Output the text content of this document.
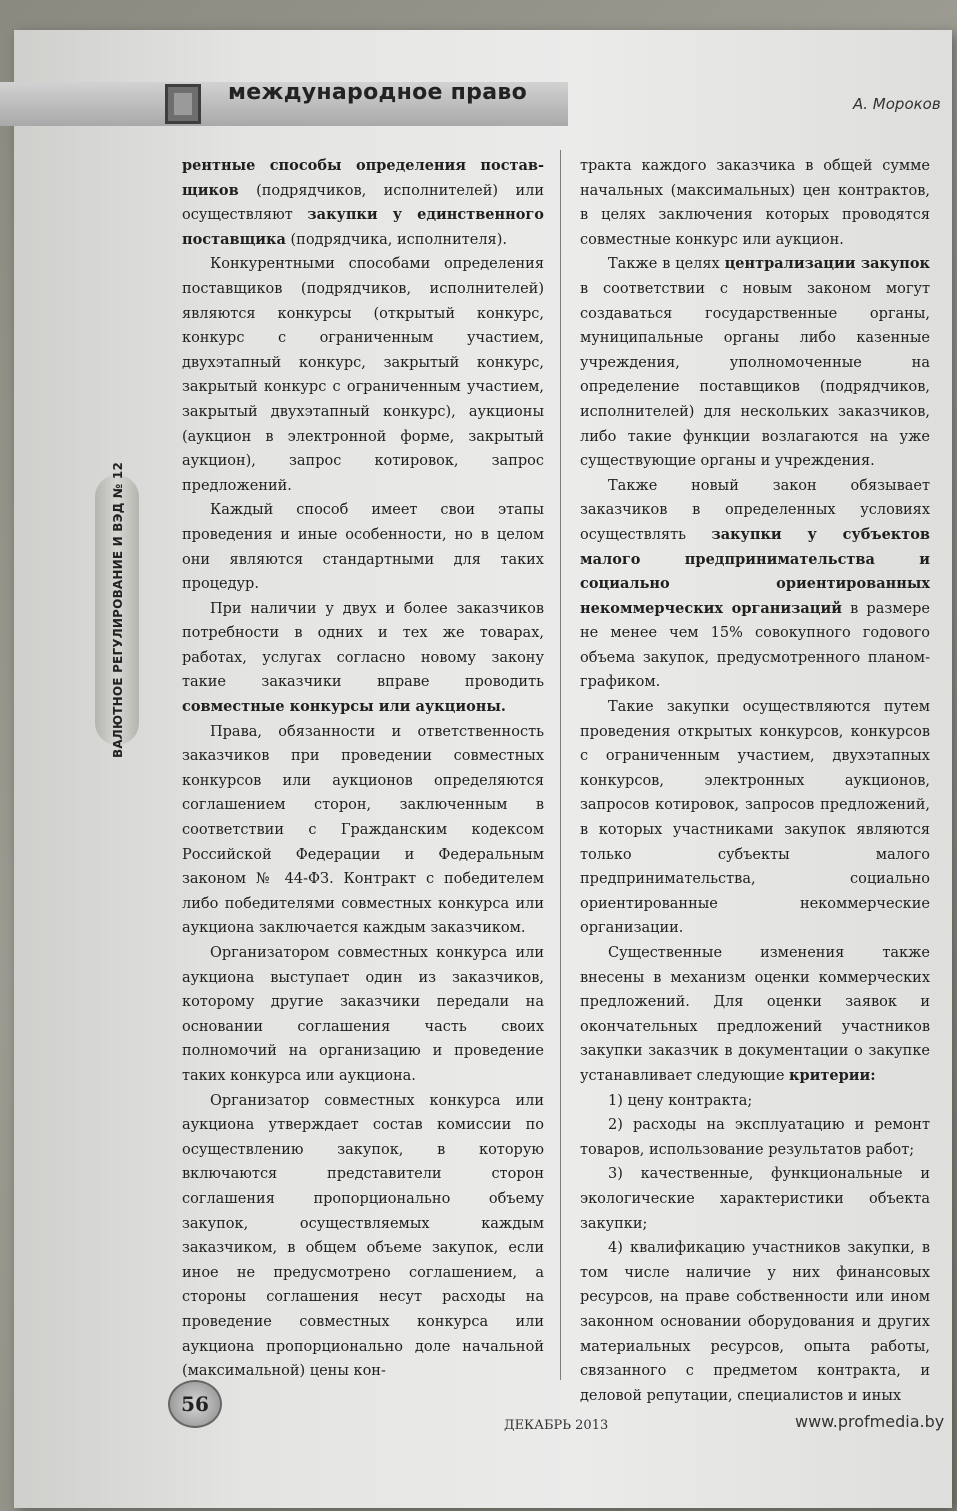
международное право	А. Мороков
ВАЛЮТНОЕ РЕГУЛИРОВАНИЕ И ВЭД № 12

рентные способы определения постав-щиков (подрядчиков, исполнителей) или осуществляют закупки у единственного поставщика (подрядчика, исполнителя).

Конкурентными способами определения поставщиков (подрядчиков, исполнителей) являются конкурсы (открытый конкурс, конкурс с ограниченным участием, двухэтапный конкурс, закрытый конкурс, закрытый конкурс с ограниченным участием, закрытый двухэтапный конкурс), аукционы (аукцион в электронной форме, закрытый аукцион), запрос котировок, запрос предложений.

Каждый способ имеет свои этапы проведения и иные особенности, но в целом они являются стандартными для таких процедур.

При наличии у двух и более заказчиков потребности в одних и тех же товарах, работах, услугах согласно новому закону такие заказчики вправе проводить совместные конкурсы или аукционы.

Права, обязанности и ответственность заказчиков при проведении совместных конкурсов или аукционов определяются соглашением сторон, заключенным в соответствии с Гражданским кодексом Российской Федерации и Федеральным законом № 44-ФЗ. Контракт с победителем либо победителями совместных конкурса или аукциона заключается каждым заказчиком.

Организатором совместных конкурса или аукциона выступает один из заказчиков, которому другие заказчики передали на основании соглашения часть своих полномочий на организацию и проведение таких конкурса или аукциона.

Организатор совместных конкурса или аукциона утверждает состав комиссии по осуществлению закупок, в которую включаются представители сторон соглашения пропорционально объему закупок, осуществляемых каждым заказчиком, в общем объеме закупок, если иное не предусмотрено соглашением, а стороны соглашения несут расходы на проведение совместных конкурса или аукциона пропорционально доле начальной (максимальной) цены кон-

тракта каждого заказчика в общей сумме начальных (максимальных) цен контрактов, в целях заключения которых проводятся совместные конкурс или аукцион.

Также в целях централизации закупок в соответствии с новым законом могут создаваться государственные органы, муниципальные органы либо казенные учреждения, уполномоченные на определение поставщиков (подрядчиков, исполнителей) для нескольких заказчиков, либо такие функции возлагаются на уже существующие органы и учреждения.

Также новый закон обязывает заказчиков в определенных условиях осуществлять закупки у субъектов малого предпринимательства и социально ориентированных некоммерческих организаций в размере не менее чем 15% совокупного годового объема закупок, предусмотренного планом-графиком.

Такие закупки осуществляются путем проведения открытых конкурсов, конкурсов с ограниченным участием, двухэтапных конкурсов, электронных аукционов, запросов котировок, запросов предложений, в которых участниками закупок являются только субъекты малого предпринимательства, социально ориентированные некоммерческие организации.

Существенные изменения также внесены в механизм оценки коммерческих предложений. Для оценки заявок и окончательных предложений участников закупки заказчик в документации о закупке устанавливает следующие критерии:

1) цену контракта;

2) расходы на эксплуатацию и ремонт товаров, использование результатов работ;

3) качественные, функциональные и экологические характеристики объекта закупки;

4) квалификацию участников закупки, в том числе наличие у них финансовых ресурсов, на праве собственности или ином законном основании оборудования и других материальных ресурсов, опыта работы, связанного с предметом контракта, и деловой репутации, специалистов и иных

56
ДЕКАБРЬ 2013	www.profmedia.by
